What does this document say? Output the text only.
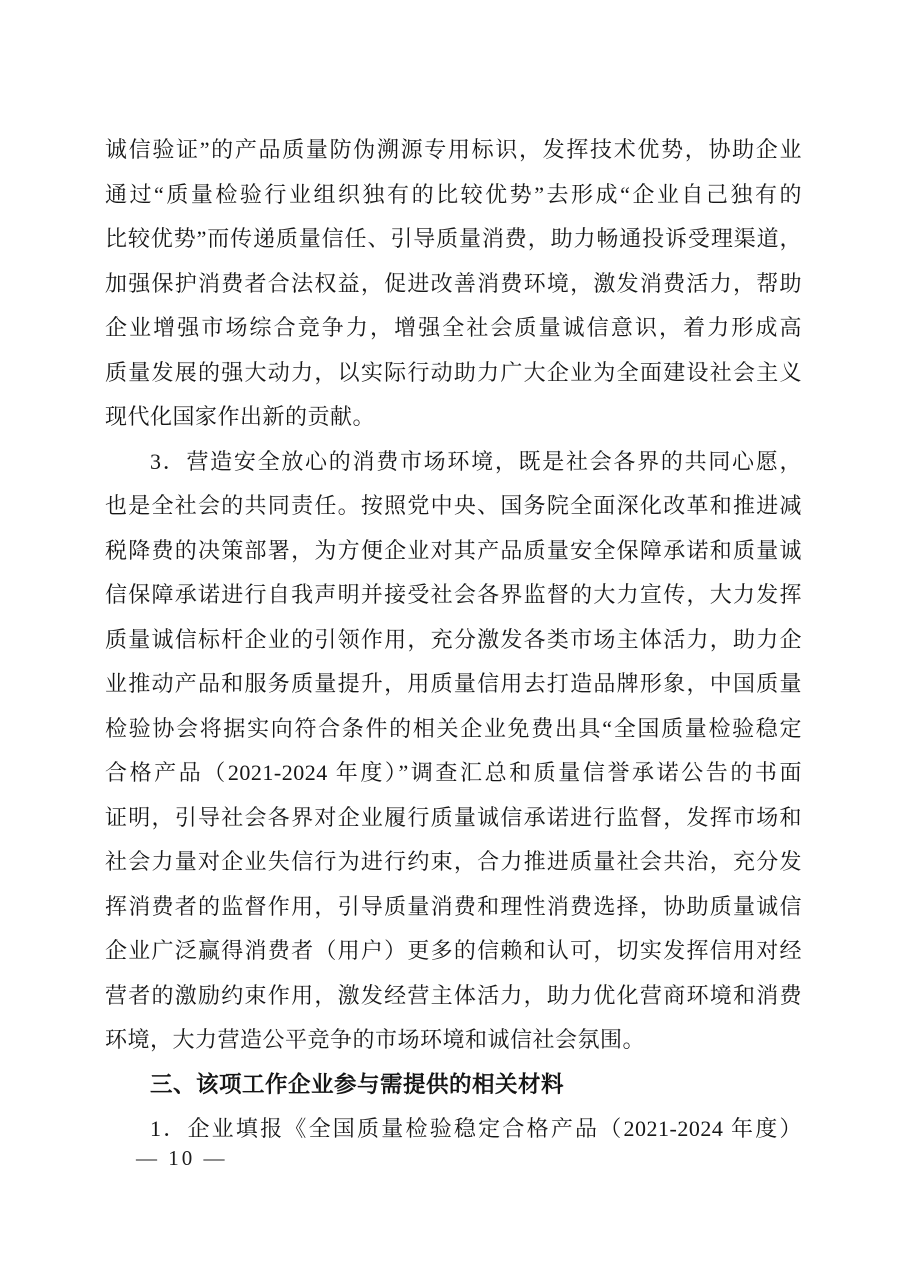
诚信验证”的产品质量防伪溯源专用标识，发挥技术优势，协助企业
通过“质量检验行业组织独有的比较优势”去形成“企业自己独有的
比较优势”而传递质量信任、引导质量消费，助力畅通投诉受理渠道，
加强保护消费者合法权益，促进改善消费环境，激发消费活力，帮助
企业增强市场综合竞争力，增强全社会质量诚信意识，着力形成高
质量发展的强大动力，以实际行动助力广大企业为全面建设社会主义
现代化国家作出新的贡献。
3．营造安全放心的消费市场环境，既是社会各界的共同心愿，
也是全社会的共同责任。按照党中央、国务院全面深化改革和推进减
税降费的决策部署，为方便企业对其产品质量安全保障承诺和质量诚
信保障承诺进行自我声明并接受社会各界监督的大力宣传，大力发挥
质量诚信标杆企业的引领作用，充分激发各类市场主体活力，助力企
业推动产品和服务质量提升，用质量信用去打造品牌形象，中国质量
检验协会将据实向符合条件的相关企业免费出具“全国质量检验稳定
合格产品（2021-2024 年度）”调查汇总和质量信誉承诺公告的书面
证明，引导社会各界对企业履行质量诚信承诺进行监督，发挥市场和
社会力量对企业失信行为进行约束，合力推进质量社会共治，充分发
挥消费者的监督作用，引导质量消费和理性消费选择，协助质量诚信
企业广泛赢得消费者（用户）更多的信赖和认可，切实发挥信用对经
营者的激励约束作用，激发经营主体活力，助力优化营商环境和消费
环境，大力营造公平竞争的市场环境和诚信社会氛围。
三、该项工作企业参与需提供的相关材料
1．企业填报《全国质量检验稳定合格产品（2021-2024 年度）
— 10 —
